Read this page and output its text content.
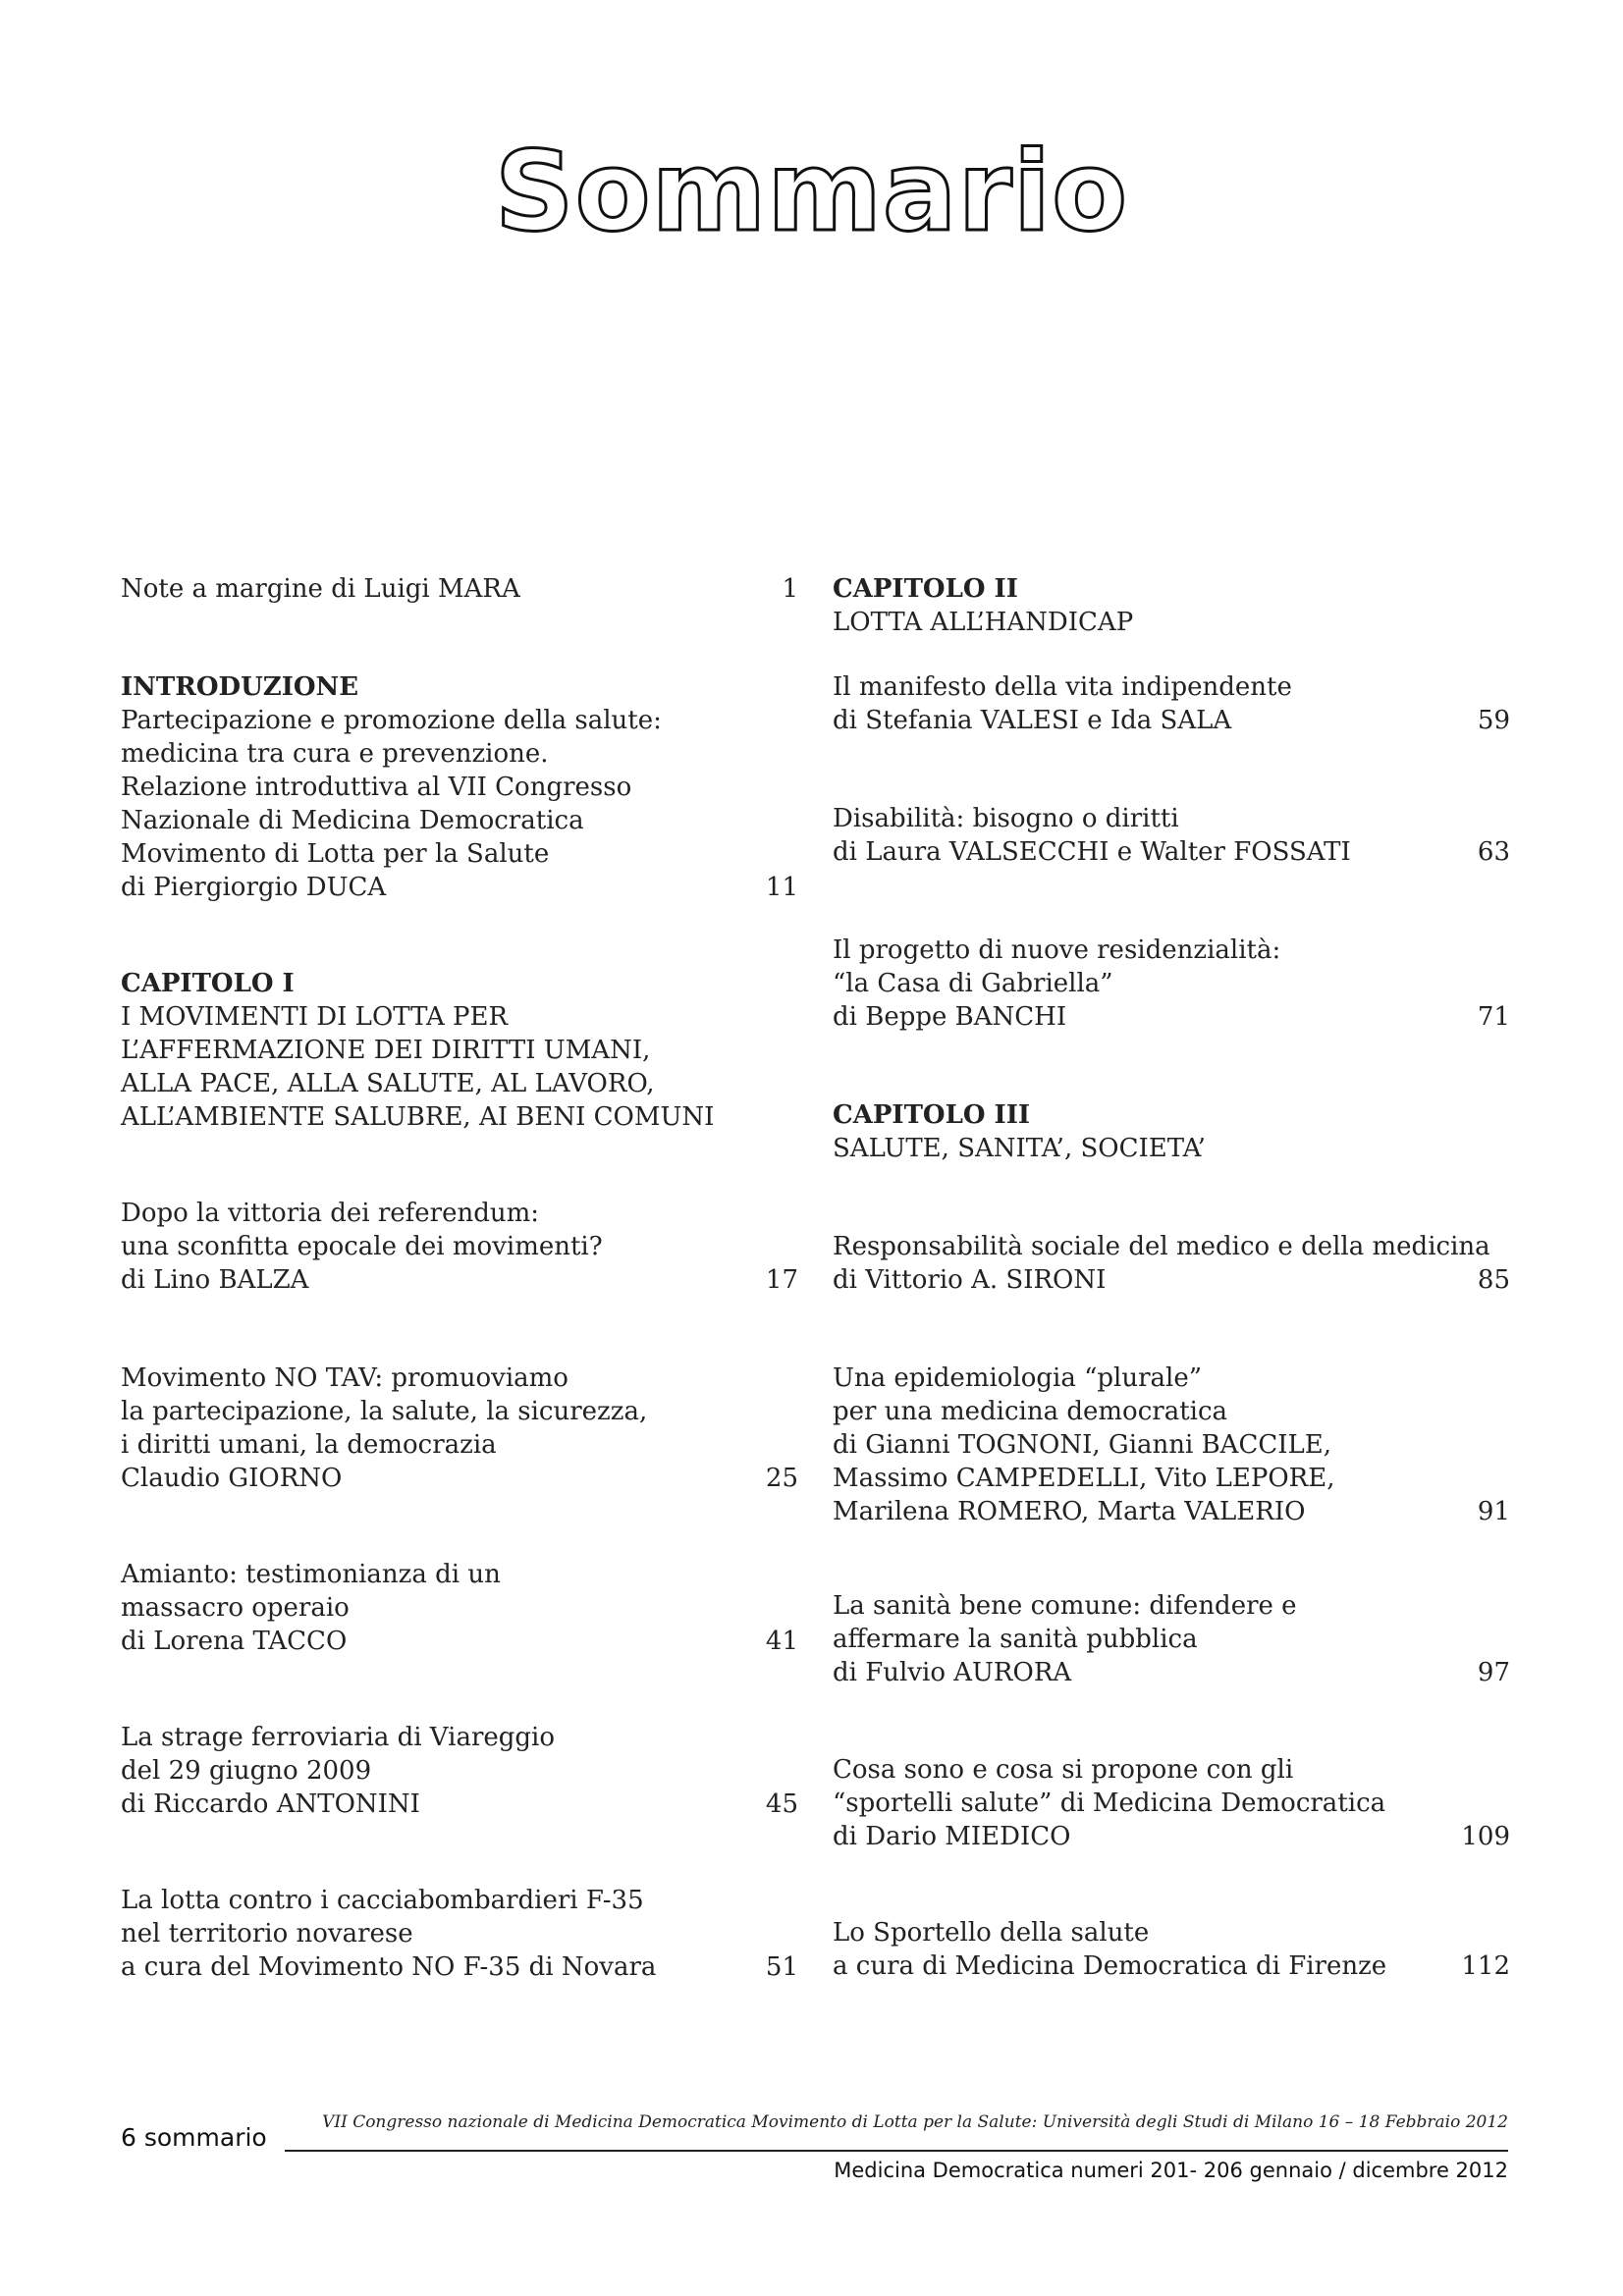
Sommario
Note a margine di Luigi MARA	1
INTRODUZIONE
Partecipazione e promozione della salute:
medicina tra cura e prevenzione.
Relazione introduttiva al VII Congresso
Nazionale di Medicina Democratica
Movimento di Lotta per la Salute
di Piergiorgio DUCA	11
CAPITOLO I
I MOVIMENTI DI LOTTA PER
L’AFFERMAZIONE DEI DIRITTI UMANI,
ALLA PACE, ALLA SALUTE, AL LAVORO,
ALL’AMBIENTE SALUBRE, AI BENI COMUNI
Dopo la vittoria dei referendum:
una sconfitta epocale dei movimenti?
di Lino BALZA	17
Movimento NO TAV: promuoviamo
la partecipazione, la salute, la sicurezza,
i diritti umani, la democrazia
Claudio GIORNO	25
Amianto: testimonianza di un
massacro operaio
di Lorena TACCO	41
La strage ferroviaria di Viareggio
del 29 giugno 2009
di Riccardo ANTONINI	45
La lotta contro i cacciabombardieri F-35
nel territorio novarese
a cura del Movimento NO F-35 di Novara	51
CAPITOLO II
LOTTA ALL’HANDICAP
Il manifesto della vita indipendente
di Stefania VALESI e Ida SALA	59
Disabilità: bisogno o diritti
di Laura VALSECCHI e Walter FOSSATI	63
Il progetto di nuove residenzialità:
“la Casa di Gabriella”
di Beppe BANCHI	71
CAPITOLO III
SALUTE, SANITA’, SOCIETA’
Responsabilità sociale del medico e della medicina
di Vittorio A. SIRONI	85
Una epidemiologia “plurale”
per una medicina democratica
di Gianni TOGNONI, Gianni BACCILE,
Massimo CAMPEDELLI, Vito LEPORE,
Marilena ROMERO, Marta VALERIO	91
La sanità bene comune: difendere e
affermare la sanità pubblica
di Fulvio AURORA	97
Cosa sono e cosa si propone con gli
“sportelli salute” di Medicina Democratica
di Dario MIEDICO	109
Lo Sportello della salute
a cura di Medicina Democratica di Firenze	112
6 sommario
VII Congresso nazionale di Medicina Democratica Movimento di Lotta per la Salute: Università degli Studi di Milano 16 – 18 Febbraio 2012
Medicina Democratica numeri 201- 206 gennaio / dicembre 2012
